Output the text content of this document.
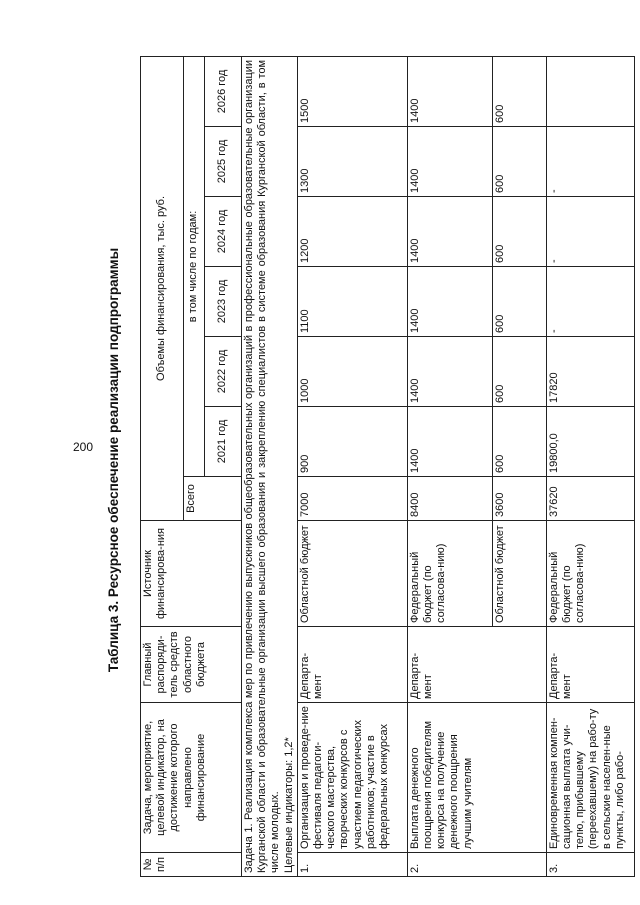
200 Таблица 3. Ресурсное обеспечение реализации подпрограммы
№ п/п	Задача, мероприятие, целевой индикатор, на достижение которого направлено финансирование	Главный распоряди-тель средств областного бюджета	Источник финансирова-ния	Объемы финансирования, тыс. руб.						
				Всего	в том числе по годам:					
					2021 год	2022 год	2023 год	2024 год	2025 год	2026 год
Задача 1. Реализация комплекса мер по привлечению выпускников общеобразовательных организаций в профессиональные образовательные организации Курганской области и образовательные организации высшего образования и закреплению специалистов в системе образования Курганской области, в том числе молодых.
Целевые индикаторы: 1,2*										
1.	Организация и проведе-ние фестиваля педагоги-ческого мастерства, творческих конкурсов с участием педагогических работников; участие в федеральных конкурсах	Департа-мент	Областной бюджет	7000	900	1000	1100	1200	1300	1500
2.	Выплата денежного поощрения победителям конкурса на получение денежного поощрения лучшим учителям	Департа-мент	Федеральный бюджет (по согласова-нию)	8400	1400	1400	1400	1400	1400	1400
			Областной бюджет	3600	600	600	600	600	600	600
3.	Единовременная компен-сационная выплата учи-телю, прибывшему (переехавшему) на рабо-ту в сельские населен-ные пункты, либо рабо-	Департа-мент	Федеральный бюджет (по согласова-нию)	37620	19800,0	17820	-	-	-	
